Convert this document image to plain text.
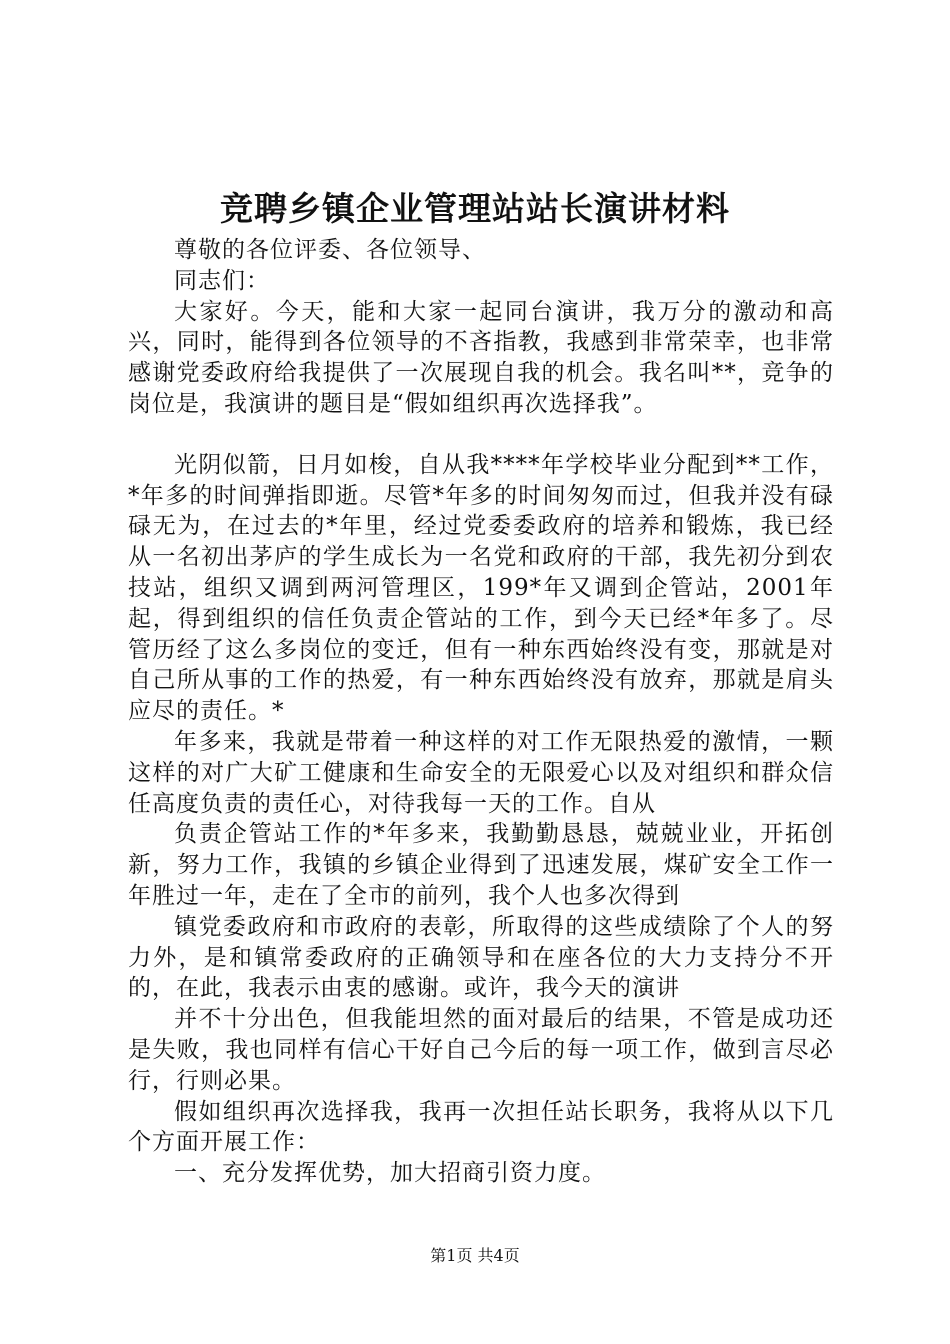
竞聘乡镇企业管理站站长演讲材料

尊敬的各位评委、各位领导、

同志们：

大家好。今天，能和大家一起同台演讲，我万分的激动和高兴，同时，能得到各位领导的不吝指教，我感到非常荣幸，也非常感谢党委政府给我提供了一次展现自我的机会。我名叫**，竞争的岗位是，我演讲的题目是“假如组织再次选择我”。

光阴似箭，日月如梭，自从我****年学校毕业分配到**工作，*年多的时间弹指即逝。尽管*年多的时间匆匆而过，但我并没有碌碌无为，在过去的*年里，经过党委委政府的培养和锻炼，我已经从一名初出茅庐的学生成长为一名党和政府的干部，我先初分到农技站，组织又调到两河管理区，199*年又调到企管站，2001年起，得到组织的信任负责企管站的工作，到今天已经*年多了。尽管历经了这么多岗位的变迁，但有一种东西始终没有变，那就是对自己所从事的工作的热爱，有一种东西始终没有放弃，那就是肩头应尽的责任。*

年多来，我就是带着一种这样的对工作无限热爱的激情，一颗这样的对广大矿工健康和生命安全的无限爱心以及对组织和群众信任高度负责的责任心，对待我每一天的工作。自从

负责企管站工作的*年多来，我勤勤恳恳，兢兢业业，开拓创新，努力工作，我镇的乡镇企业得到了迅速发展，煤矿安全工作一年胜过一年，走在了全市的前列，我个人也多次得到

镇党委政府和市政府的表彰，所取得的这些成绩除了个人的努力外，是和镇常委政府的正确领导和在座各位的大力支持分不开的，在此，我表示由衷的感谢。或许，我今天的演讲

并不十分出色，但我能坦然的面对最后的结果，不管是成功还是失败，我也同样有信心干好自己今后的每一项工作，做到言尽必行，行则必果。

假如组织再次选择我，我再一次担任站长职务，我将从以下几个方面开展工作：

一、充分发挥优势，加大招商引资力度。

第1页 共4页
